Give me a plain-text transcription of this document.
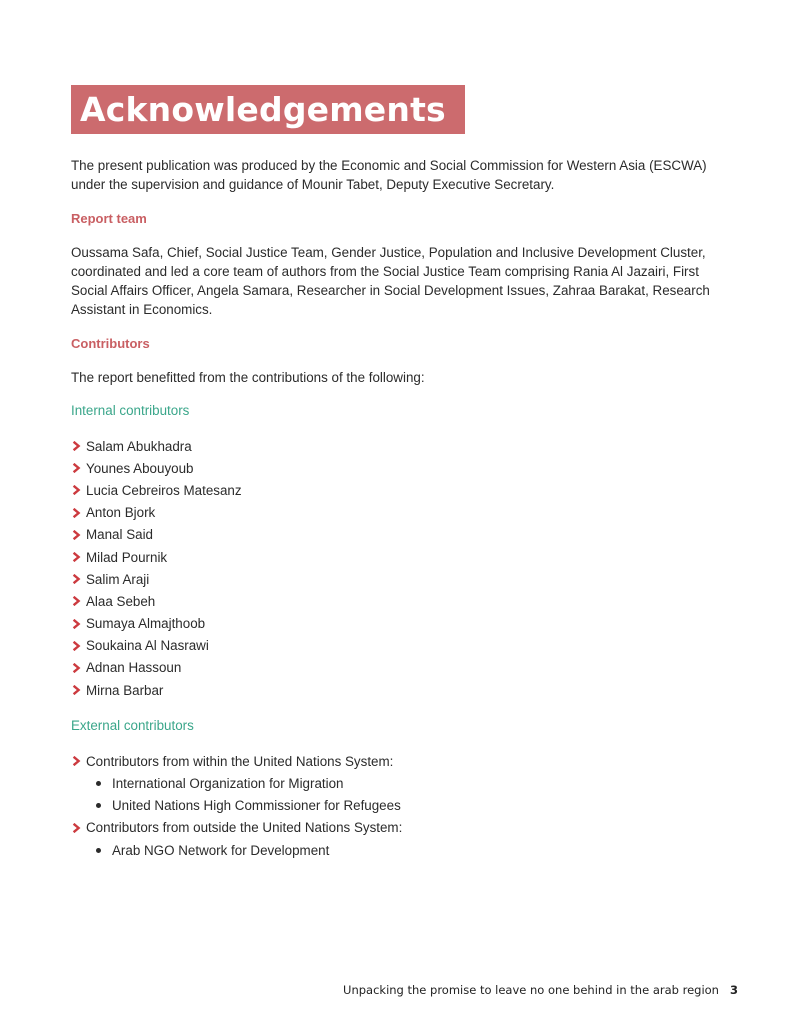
Acknowledgements

The present publication was produced by the Economic and Social Commission for Western Asia (ESCWA) under the supervision and guidance of Mounir Tabet, Deputy Executive Secretary.

Report team

Oussama Safa, Chief, Social Justice Team, Gender Justice, Population and Inclusive Development Cluster, coordinated and led a core team of authors from the Social Justice Team comprising Rania Al Jazairi, First Social Affairs Officer, Angela Samara, Researcher in Social Development Issues, Zahraa Barakat, Research Assistant in Economics.

Contributors

The report benefitted from the contributions of the following:

Internal contributors
Salam Abukhadra
Younes Abouyoub
Lucia Cebreiros Matesanz
Anton Bjork
Manal Said
Milad Pournik
Salim Araji
Alaa Sebeh
Sumaya Almajthoob
Soukaina Al Nasrawi
Adnan Hassoun
Mirna Barbar
External contributors
Contributors from within the United Nations System:
International Organization for Migration
United Nations High Commissioner for Refugees
Contributors from outside the United Nations System:
Arab NGO Network for Development
Unpacking the promise to leave no one behind in the arab region 3
